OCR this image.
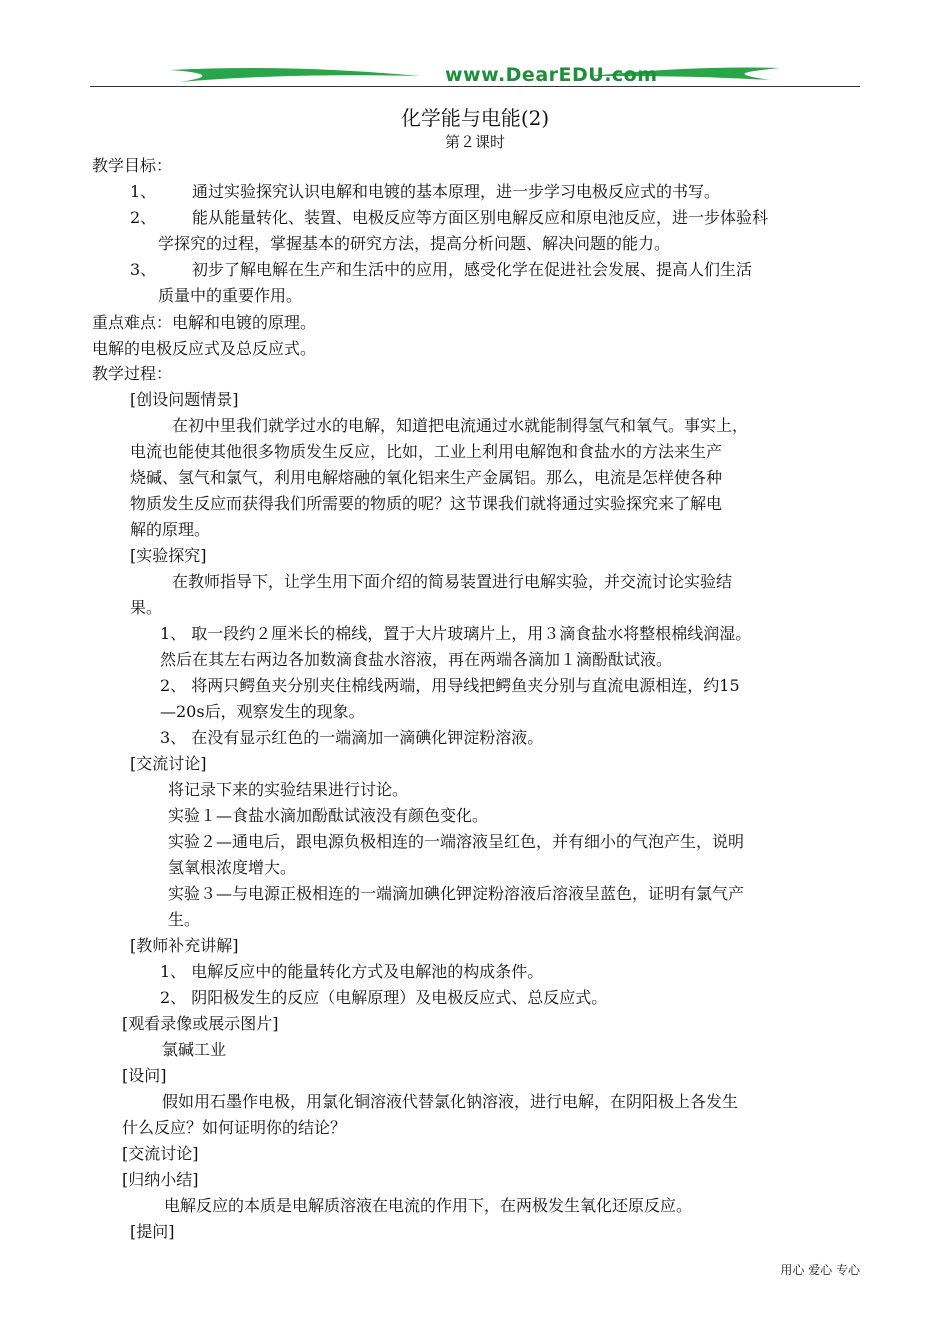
www.DearEDU.com
化学能与电能(2)
第２课时
教学目标：
1、 通过实验探究认识电解和电镀的基本原理，进一步学习电极反应式的书写。
2、 能从能量转化、装置、电极反应等方面区别电解反应和原电池反应，进一步体验科
学探究的过程，掌握基本的研究方法，提高分析问题、解决问题的能力。
3、 初步了解电解在生产和生活中的应用，感受化学在促进社会发展、提高人们生活
质量中的重要作用。
重点难点：电解和电镀的原理。
电解的电极反应式及总反应式。
教学过程：
[创设问题情景]
在初中里我们就学过水的电解，知道把电流通过水就能制得氢气和氧气。事实上，
电流也能使其他很多物质发生反应，比如，工业上利用电解饱和食盐水的方法来生产
烧碱、氢气和氯气，利用电解熔融的氧化铝来生产金属铝。那么，电流是怎样使各种
物质发生反应而获得我们所需要的物质的呢？这节课我们就将通过实验探究来了解电
解的原理。
[实验探究]
在教师指导下，让学生用下面介绍的简易装置进行电解实验，并交流讨论实验结
果。
1、 取一段约２厘米长的棉线，置于大片玻璃片上，用３滴食盐水将整根棉线润湿。
然后在其左右两边各加数滴食盐水溶液，再在两端各滴加１滴酚酞试液。
2、 将两只鳄鱼夹分别夹住棉线两端，用导线把鳄鱼夹分别与直流电源相连，约15
—20s后，观察发生的现象。
3、 在没有显示红色的一端滴加一滴碘化钾淀粉溶液。
[交流讨论]
将记录下来的实验结果进行讨论。
实验１—食盐水滴加酚酞试液没有颜色变化。
实验２—通电后，跟电源负极相连的一端溶液呈红色，并有细小的气泡产生，说明
氢氧根浓度增大。
实验３—与电源正极相连的一端滴加碘化钾淀粉溶液后溶液呈蓝色，证明有氯气产
生。
[教师补充讲解]
1、 电解反应中的能量转化方式及电解池的构成条件。
2、 阴阳极发生的反应（电解原理）及电极反应式、总反应式。
[观看录像或展示图片]
氯碱工业
[设问]
假如用石墨作电极，用氯化铜溶液代替氯化钠溶液，进行电解，在阴阳极上各发生
什么反应？如何证明你的结论？
[交流讨论]
[归纳小结]
电解反应的本质是电解质溶液在电流的作用下，在两极发生氧化还原反应。
[提问]
用心 爱心 专心
